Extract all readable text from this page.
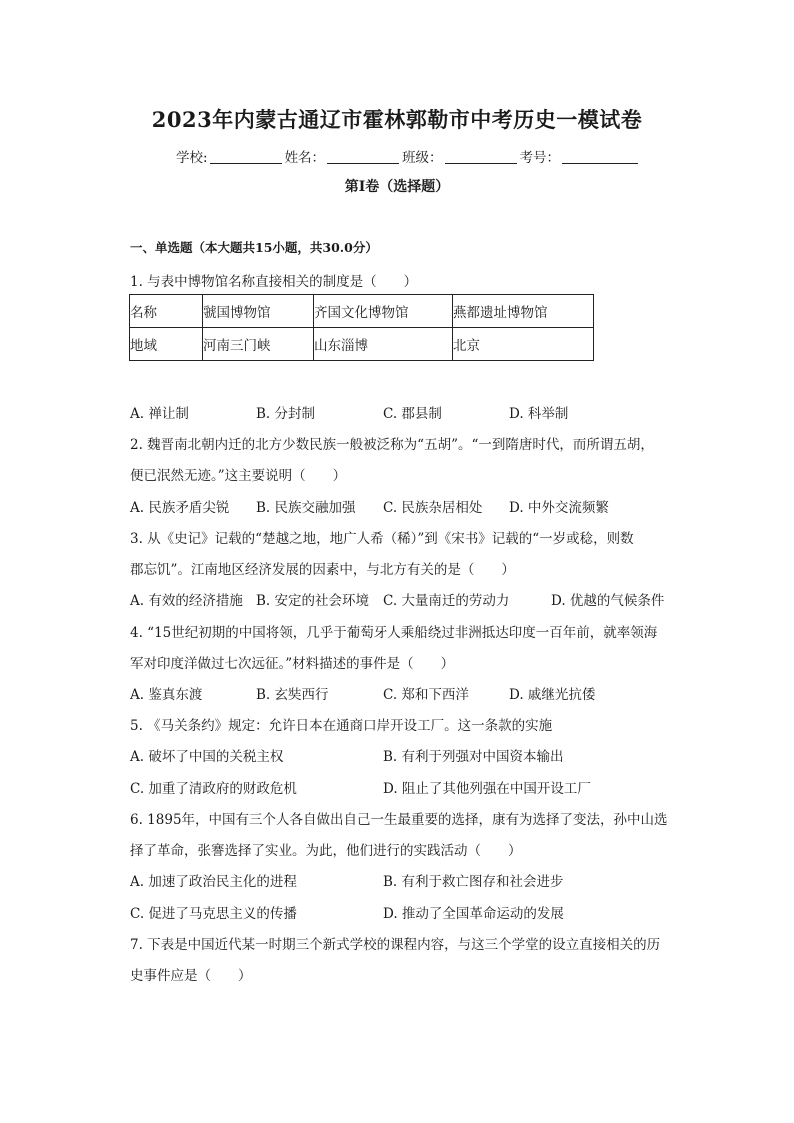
2023年内蒙古通辽市霍林郭勒市中考历史一模试卷
学校:	姓名：	班级：	考号：
第I卷（选择题）
一、单选题（本大题共15小题，共30.0分）
1. 与表中博物馆名称直接相关的制度是（　　）
名称	虢国博物馆	齐国文化博物馆	燕都遗址博物馆
地域	河南三门峡	山东淄博	北京
A. 禅让制	B. 分封制	C. 郡县制	D. 科举制
2. 魏晋南北朝内迁的北方少数民族一般被泛称为“五胡”。“一到隋唐时代，而所谓五胡，
便已泯然无迹。”这主要说明（　　）
A. 民族矛盾尖锐 B. 民族交融加强 C. 民族杂居相处 D. 中外交流频繁
3. 从《史记》记载的“楚越之地，地广人希（稀）”到《宋书》记载的“一岁或稔，则数
郡忘饥”。江南地区经济发展的因素中，与北方有关的是（　　）
A. 有效的经济措施 B. 安定的社会环境 C. 大量南迁的劳动力	D. 优越的气候条件
4. “15世纪初期的中国将领，几乎于葡萄牙人乘船绕过非洲抵达印度一百年前，就率领海
军对印度洋做过七次远征。”材料描述的事件是（　　）
A. 鉴真东渡	B. 玄奘西行	C. 郑和下西洋	D. 戚继光抗倭
5. 《马关条约》规定：允许日本在通商口岸开设工厂。这一条款的实施
A. 破坏了中国的关税主权	B. 有利于列强对中国资本输出
C. 加重了清政府的财政危机	D. 阻止了其他列强在中国开设工厂
6. 1895年，中国有三个人各自做出自己一生最重要的选择，康有为选择了变法，孙中山选
择了革命，张謇选择了实业。为此，他们进行的实践活动（　　）
A. 加速了政治民主化的进程	B. 有利于救亡图存和社会进步
C. 促进了马克思主义的传播	D. 推动了全国革命运动的发展
7. 下表是中国近代某一时期三个新式学校的课程内容，与这三个学堂的设立直接相关的历
史事件应是（　　）
